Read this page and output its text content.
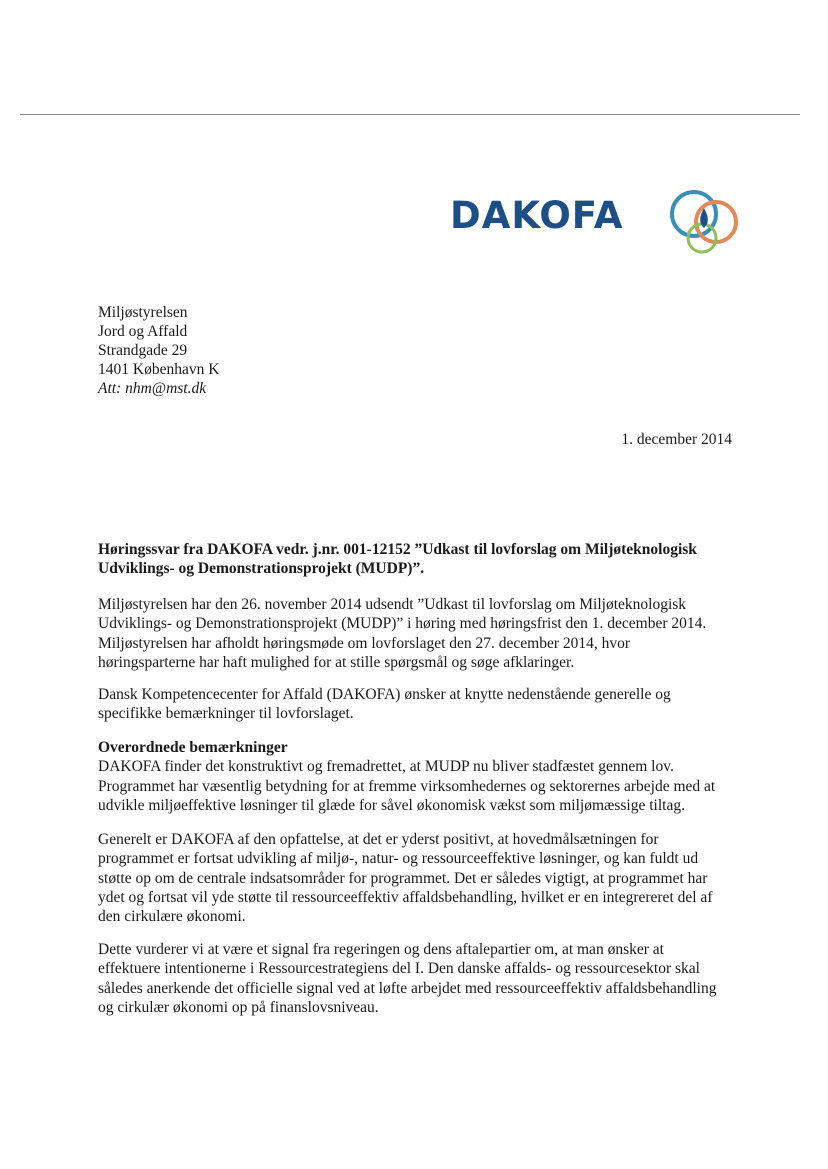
DAKOFA
Miljøstyrelsen
Jord og Affald
Strandgade 29
1401 København K
Att: nhm@mst.dk
1. december 2014
Høringssvar fra DAKOFA vedr. j.nr. 001-12152 ”Udkast til lovforslag om Miljøteknologisk
Udviklings- og Demonstrationsprojekt (MUDP)”.
Miljøstyrelsen har den 26. november 2014 udsendt ”Udkast til lovforslag om Miljøteknologisk
Udviklings- og Demonstrationsprojekt (MUDP)” i høring med høringsfrist den 1. december 2014.
Miljøstyrelsen har afholdt høringsmøde om lovforslaget den 27. december 2014, hvor
høringsparterne har haft mulighed for at stille spørgsmål og søge afklaringer.
Dansk Kompetencecenter for Affald (DAKOFA) ønsker at knytte nedenstående generelle og
specifikke bemærkninger til lovforslaget.
Overordnede bemærkninger
DAKOFA finder det konstruktivt og fremadrettet, at MUDP nu bliver stadfæstet gennem lov.
Programmet har væsentlig betydning for at fremme virksomhedernes og sektorernes arbejde med at
udvikle miljøeffektive løsninger til glæde for såvel økonomisk vækst som miljømæssige tiltag.
Generelt er DAKOFA af den opfattelse, at det er yderst positivt, at hovedmålsætningen for
programmet er fortsat udvikling af miljø-, natur- og ressourceeffektive løsninger, og kan fuldt ud
støtte op om de centrale indsatsområder for programmet. Det er således vigtigt, at programmet har
ydet og fortsat vil yde støtte til ressourceeffektiv affaldsbehandling, hvilket er en integrereret del af
den cirkulære økonomi.
Dette vurderer vi at være et signal fra regeringen og dens aftalepartier om, at man ønsker at
effektuere intentionerne i Ressourcestrategiens del I. Den danske affalds- og ressourcesektor skal
således anerkende det officielle signal ved at løfte arbejdet med ressourceeffektiv affaldsbehandling
og cirkulær økonomi op på finanslovsniveau.
